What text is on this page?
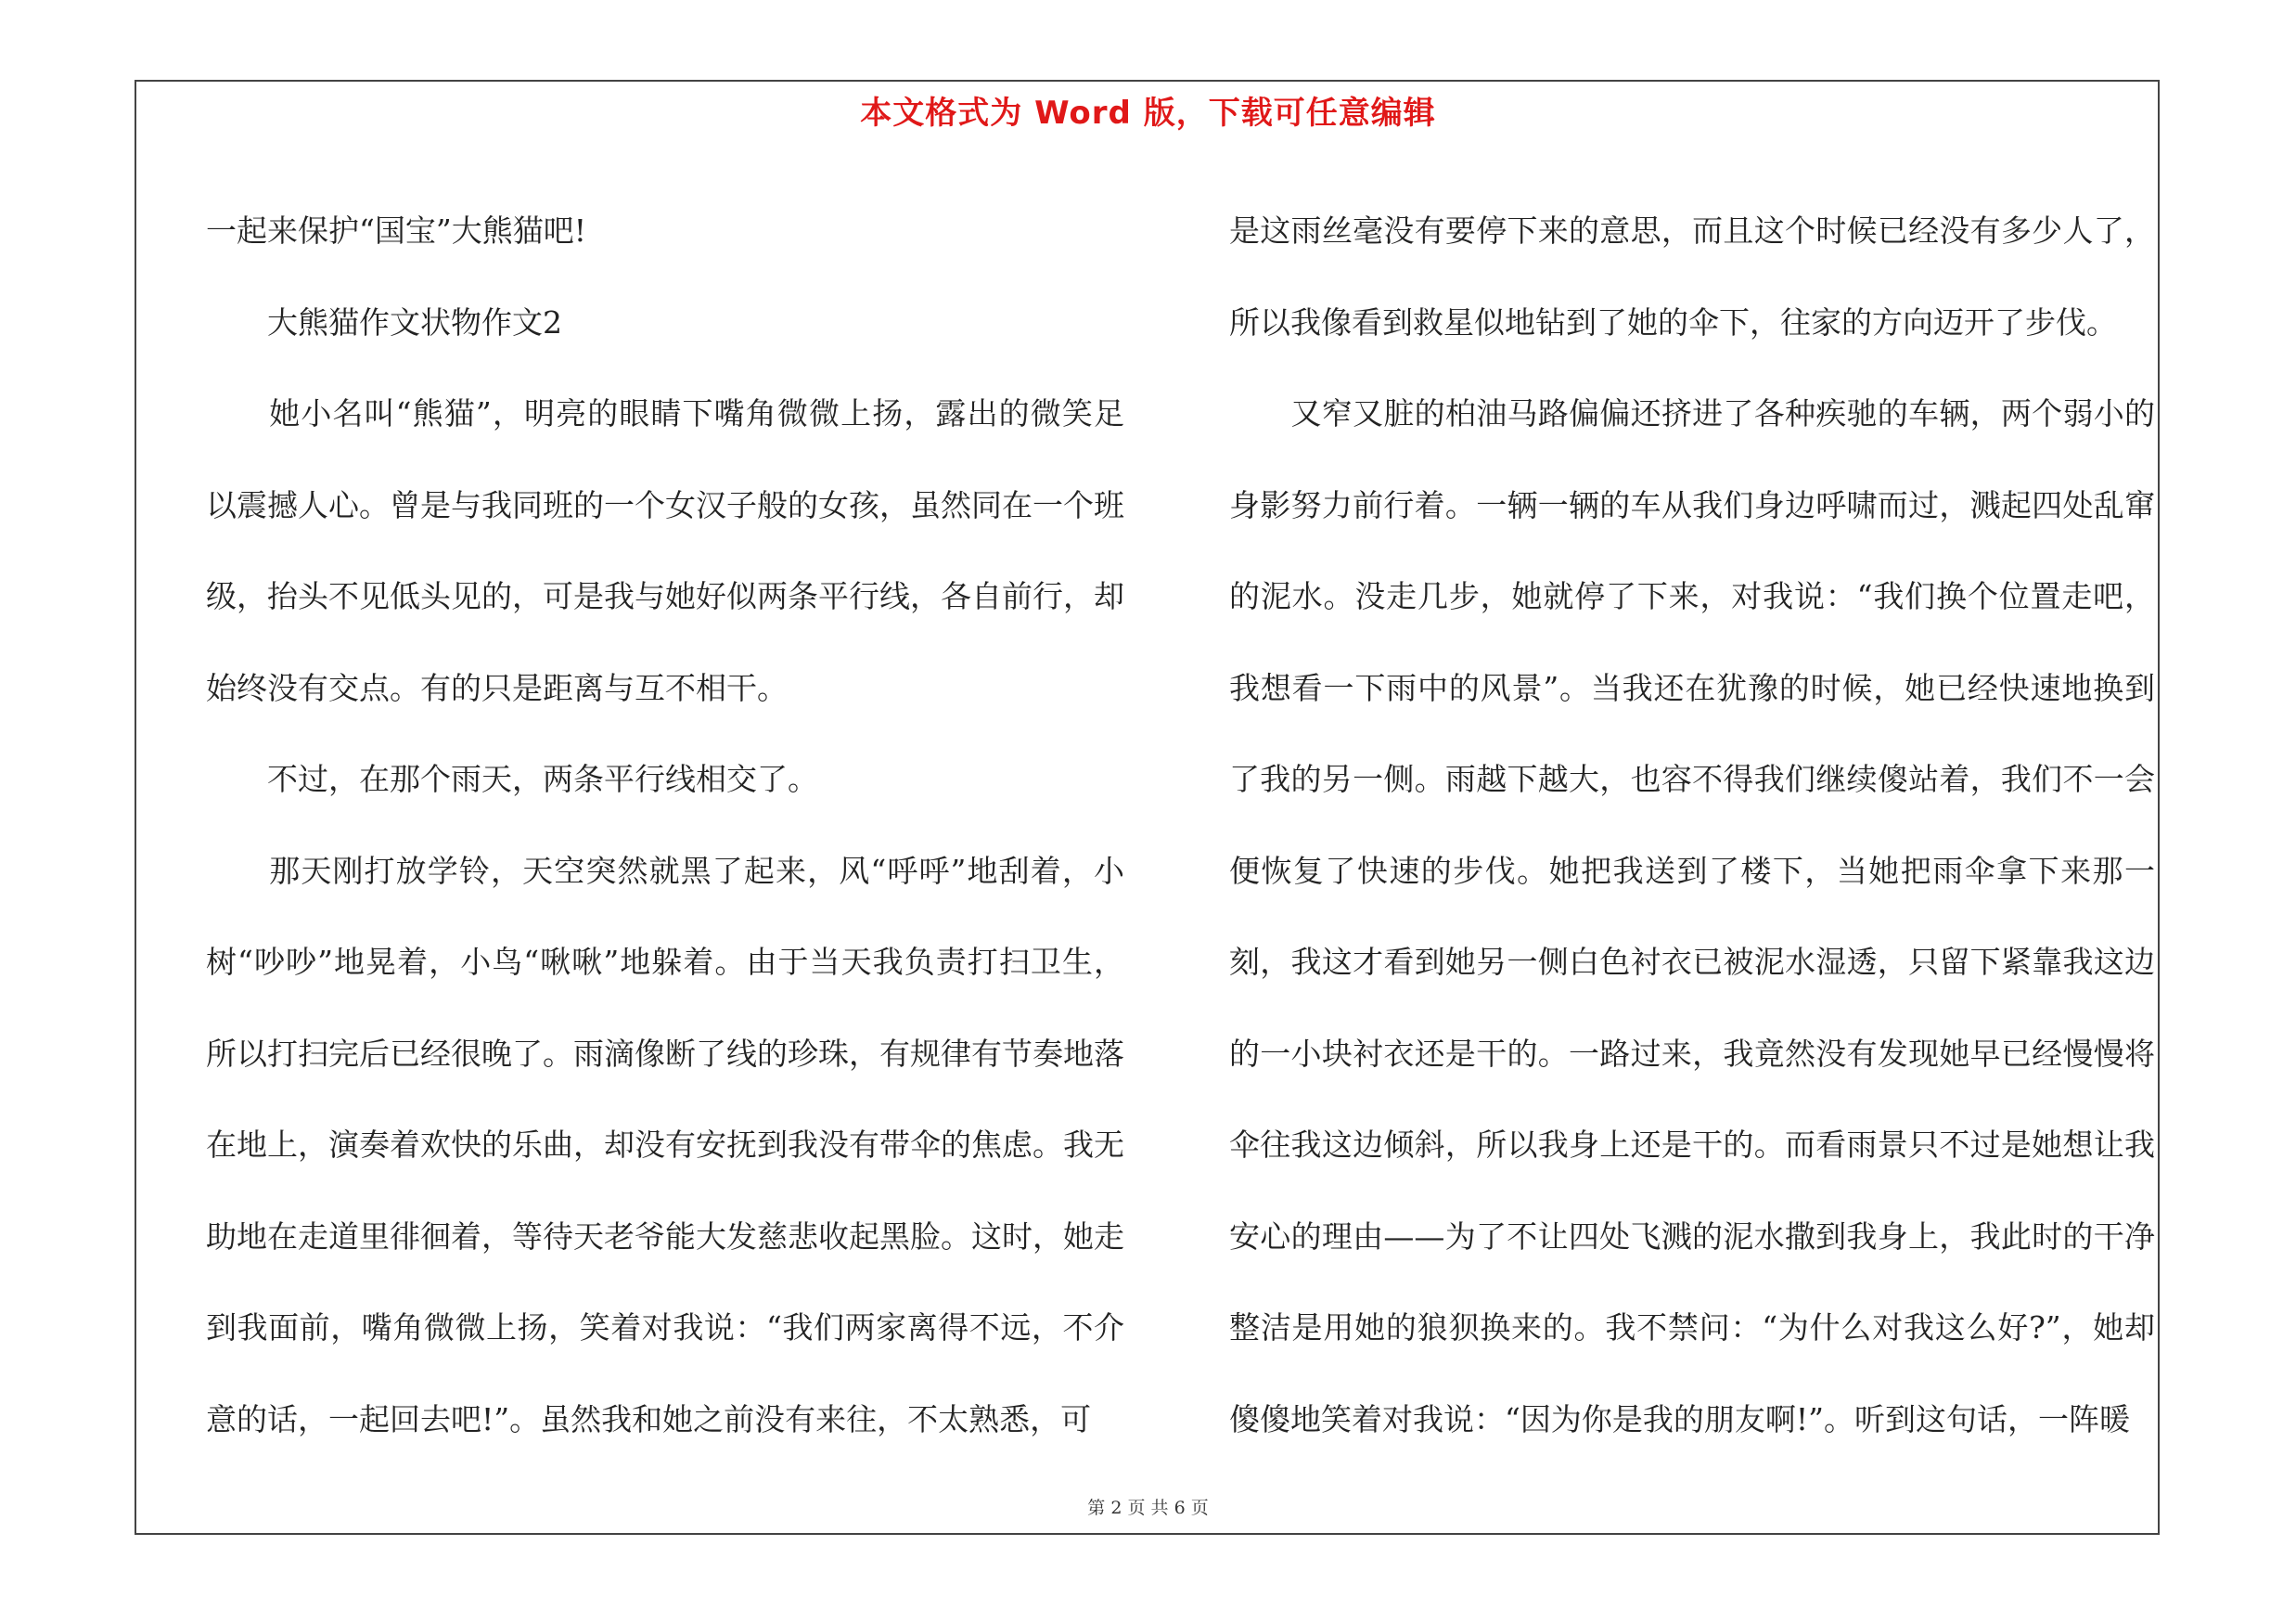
本文格式为 Word 版，下载可任意编辑

一起来保护“国宝”大熊猫吧!

　　大熊猫作文状物作文2

　　她小名叫“熊猫”，明亮的眼睛下嘴角微微上扬，露出的微笑足以震撼人心。曾是与我同班的一个女汉子般的女孩，虽然同在一个班级，抬头不见低头见的，可是我与她好似两条平行线，各自前行，却始终没有交点。有的只是距离与互不相干。

　　不过，在那个雨天，两条平行线相交了。

　　那天刚打放学铃，天空突然就黑了起来，风“呼呼”地刮着，小树“吵吵”地晃着，小鸟“啾啾”地躲着。由于当天我负责打扫卫生，所以打扫完后已经很晚了。雨滴像断了线的珍珠，有规律有节奏地落在地上，演奏着欢快的乐曲，却没有安抚到我没有带伞的焦虑。我无助地在走道里徘徊着，等待天老爷能大发慈悲收起黑脸。这时，她走到我面前，嘴角微微上扬，笑着对我说：“我们两家离得不远，不介意的话，一起回去吧!”。虽然我和她之前没有来往，不太熟悉，可

是这雨丝毫没有要停下来的意思，而且这个时候已经没有多少人了，所以我像看到救星似地钻到了她的伞下，往家的方向迈开了步伐。

　　又窄又脏的柏油马路偏偏还挤进了各种疾驰的车辆，两个弱小的身影努力前行着。一辆一辆的车从我们身边呼啸而过，溅起四处乱窜的泥水。没走几步，她就停了下来，对我说：“我们换个位置走吧，我想看一下雨中的风景”。当我还在犹豫的时候，她已经快速地换到了我的另一侧。雨越下越大，也容不得我们继续傻站着，我们不一会便恢复了快速的步伐。她把我送到了楼下，当她把雨伞拿下来那一刻，我这才看到她另一侧白色衬衣已被泥水湿透，只留下紧靠我这边的一小块衬衣还是干的。一路过来，我竟然没有发现她早已经慢慢将伞往我这边倾斜，所以我身上还是干的。而看雨景只不过是她想让我安心的理由——为了不让四处飞溅的泥水撒到我身上，我此时的干净整洁是用她的狼狈换来的。我不禁问：“为什么对我这么好?”，她却傻傻地笑着对我说：“因为你是我的朋友啊!”。听到这句话，一阵暖

第 2 页 共 6 页
